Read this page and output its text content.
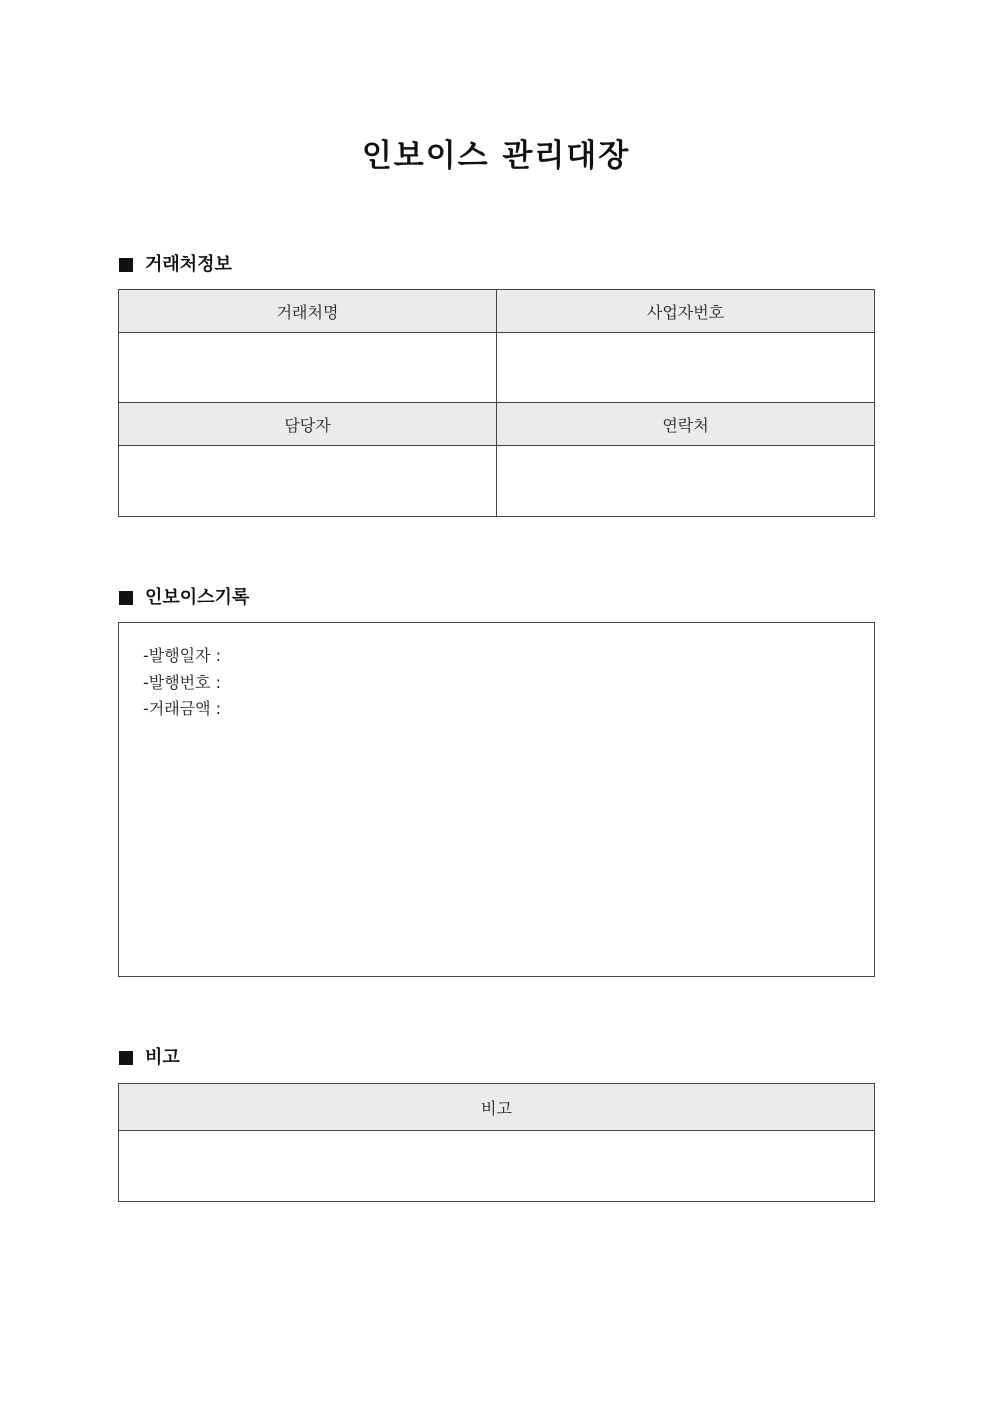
인보이스 관리대장
거래처정보
거래처명	사업자번호

담당자	연락처

인보이스기록
-발행일자 :
-발행번호 :
-거래금액 :
비고
비고
